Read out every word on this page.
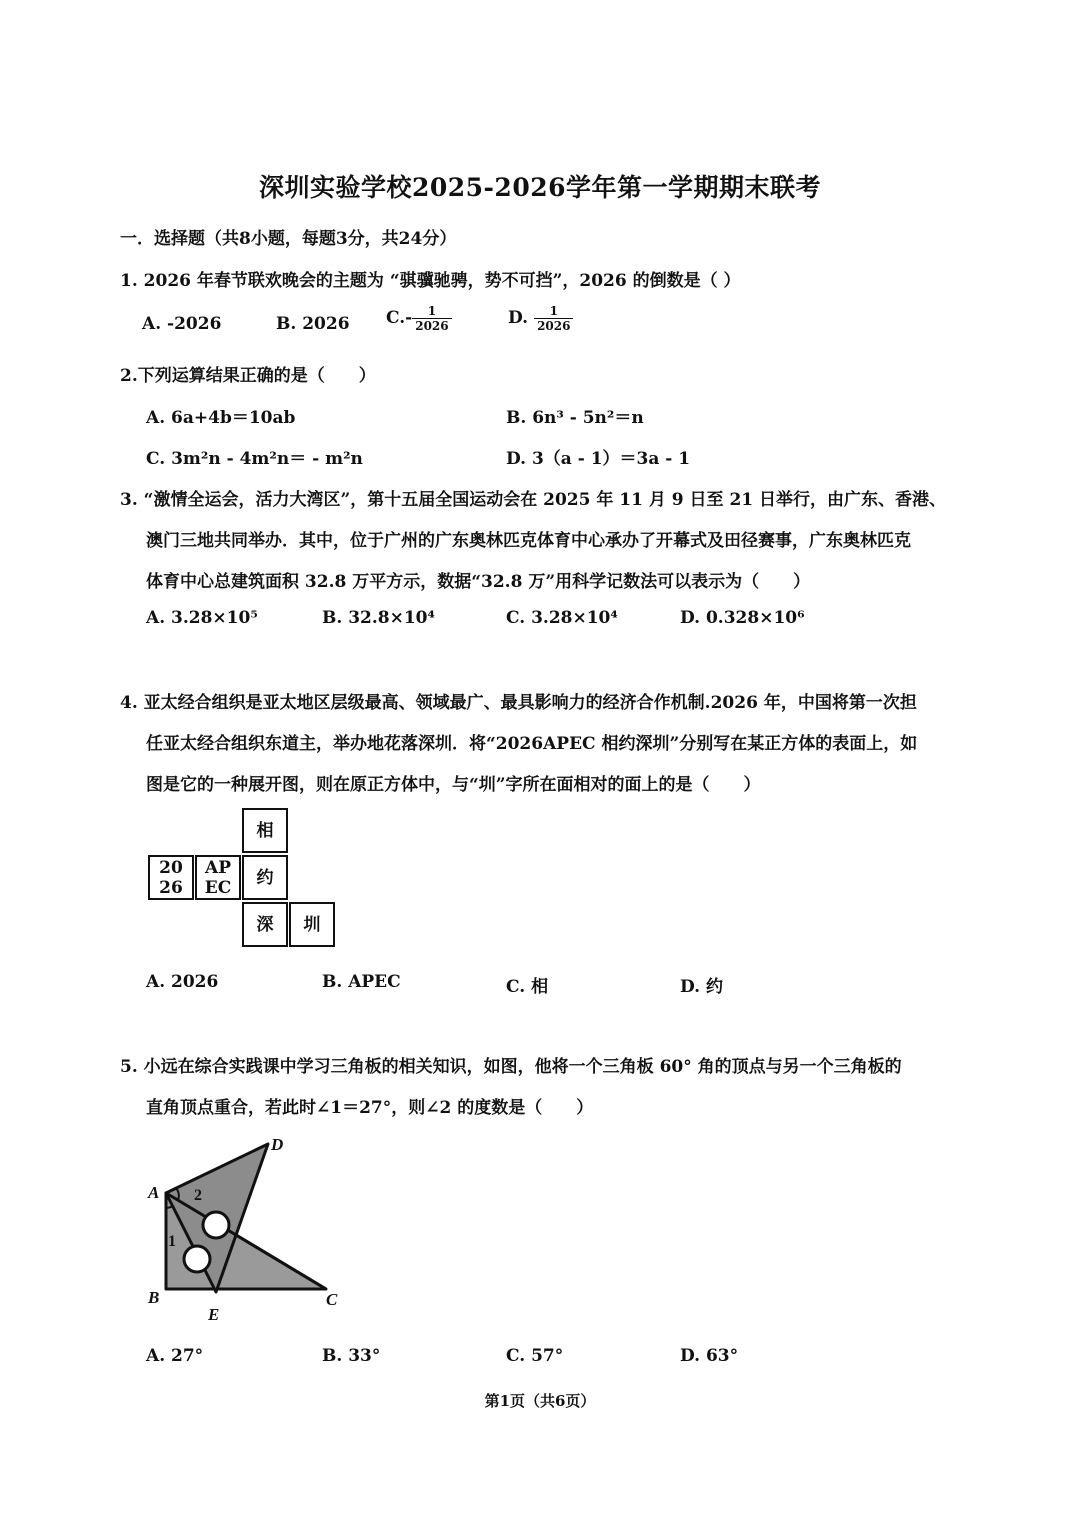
深圳实验学校2025-2026学年第一学期期末联考
一．选择题（共8小题，每题3分，共24分）
1. 2026 年春节联欢晚会的主题为 “骐骥驰骋，势不可挡”，2026 的倒数是（ ）
A. -2026	B. 2026 $C.- \frac{1}{2026}$	D. $\frac{1}{2026}$
2.下列运算结果正确的是（　　）
A. 6a+4b＝10ab	B. 6n³ - 5n²＝n
C. 3m²n - 4m²n＝ - m²n	D. 3（a - 1）＝3a - 1
3. “激情全运会，活力大湾区”，第十五届全国运动会在 2025 年 11 月 9 日至 21 日举行，由广东、香港、
澳门三地共同举办．其中，位于广州的广东奥林匹克体育中心承办了开幕式及田径赛事，广东奥林匹克
体育中心总建筑面积 32.8 万平方示，数据“32.8 万”用科学记数法可以表示为（　　）
A. 3.28×10⁵	B. 32.8×10⁴	C. 3.28×10⁴	D. 0.328×10⁶
4. 亚太经合组织是亚太地区层级最高、领域最广、最具影响力的经济合作机制.2026 年，中国将第一次担
任亚太经合组织东道主，举办地花落深圳．将“2026APEC 相约深圳”分别写在某正方体的表面上，如
图是它的一种展开图，则在原正方体中，与“圳”字所在面相对的面上的是（　　）
相
20
26
AP
EC	约
深	圳
A. 2026	B. APEC	C. 相	D. 约
5. 小远在综合实践课中学习三角板的相关知识，如图，他将一个三角板 60° 角的顶点与另一个三角板的
直角顶点重合，若此时∠1＝27°，则∠2 的度数是（　　）
A
B	C
D
E
1
2
A. 27°	B. 33°	C. 57°	D. 63°
第1页（共6页）
